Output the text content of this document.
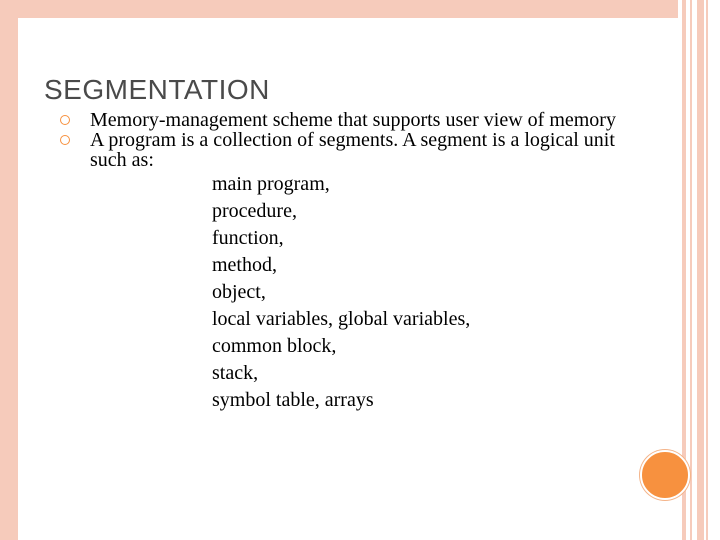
SEGMENTATION
Memory-management scheme that supports user view of memory
A program is a collection of segments. A segment is a logical unit such as:
main program,
procedure,
function,
method,
object,
local variables, global variables,
common block,
stack,
symbol table, arrays
